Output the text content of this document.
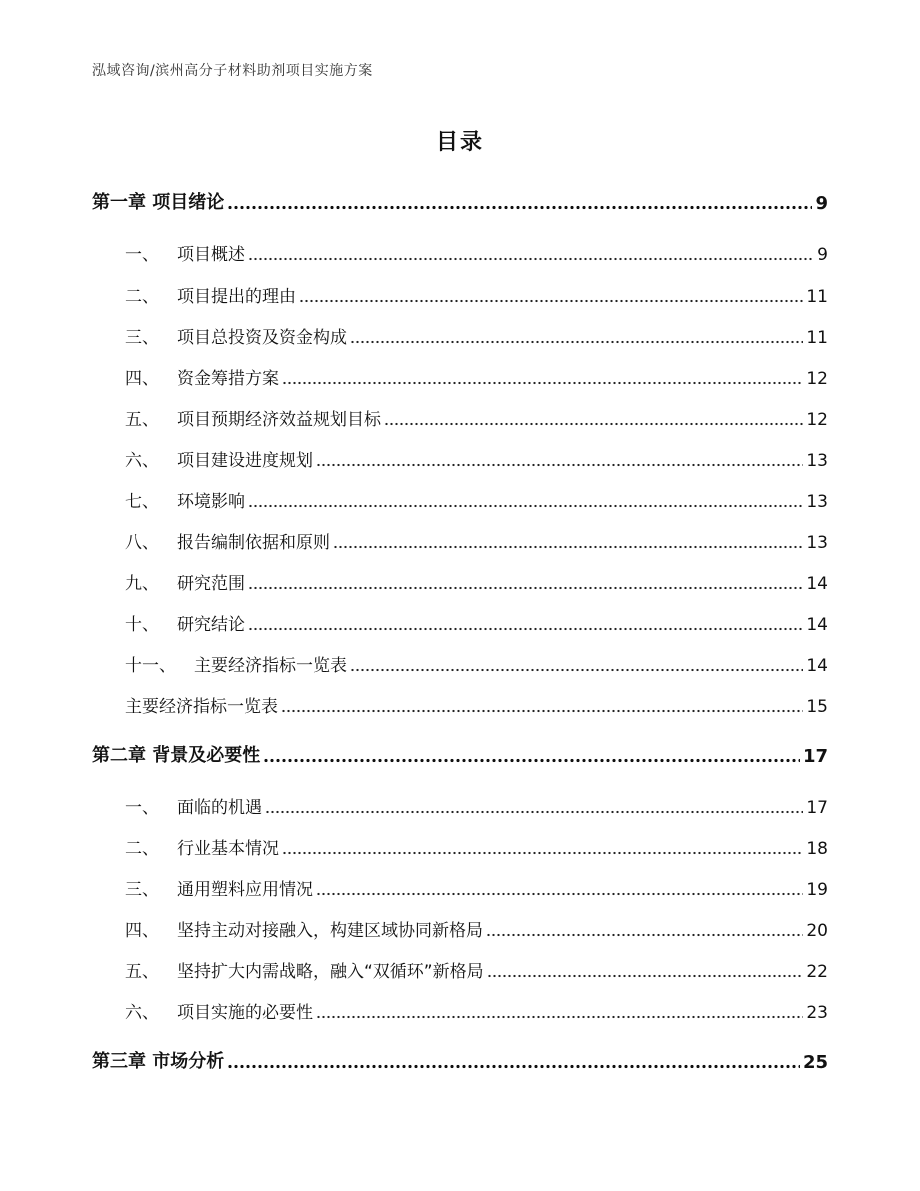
泓域咨询/滨州高分子材料助剂项目实施方案
目录
第一章 项目绪论	9
一、 项目概述	9
二、 项目提出的理由	11
三、 项目总投资及资金构成	11
四、 资金筹措方案	12
五、 项目预期经济效益规划目标	12
六、 项目建设进度规划	13
七、 环境影响	13
八、 报告编制依据和原则	13
九、 研究范围	14
十、 研究结论	14
十一、 主要经济指标一览表	14
主要经济指标一览表	15
第二章 背景及必要性	17
一、 面临的机遇	17
二、 行业基本情况	18
三、 通用塑料应用情况	19
四、 坚持主动对接融入，构建区域协同新格局	20
五、 坚持扩大内需战略，融入“双循环”新格局	22
六、 项目实施的必要性	23
第三章 市场分析	25
